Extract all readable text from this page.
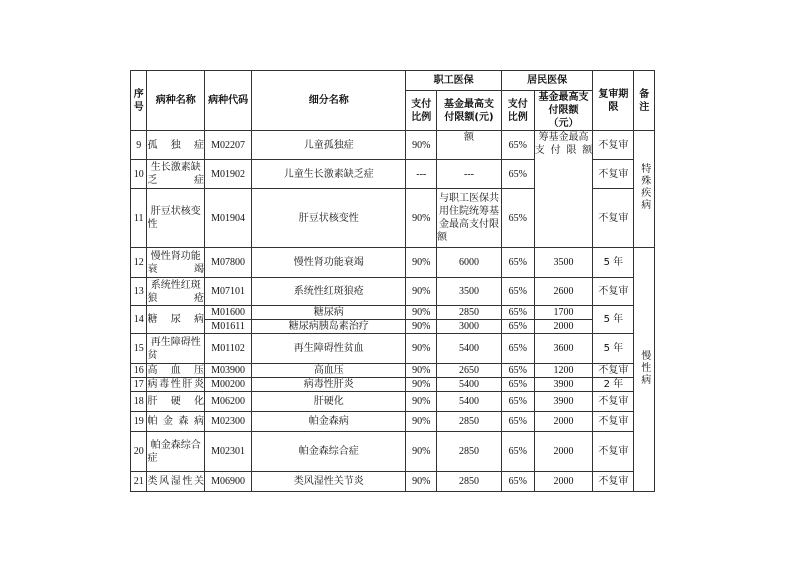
序号	病种名称	病种代码	细分名称	职工医保		居民医保		复审期限	备注

				支付比例	基金最高支付限额(元)	支付比例	基金最高支付限额（元）		

9	孤独症	M02207	儿童孤独症	90%	额	65%	筹基金最高支付限额	不复审	特殊疾病
10	生长激素缺乏症	M01902	儿童生长激素缺乏症	---	---	65%		不复审	
11	肝豆状核变性	M01904	肝豆状核变性	90%	与职工医保共用住院统筹基金最高支付限额	65%		不复审	
12	慢性肾功能衰竭	M07800	慢性肾功能衰竭	90%	6000	65%	3500	5 年	慢性病
13	系统性红斑狼疮	M07101	系统性红斑狼疮	90%	3500	65%	2600	不复审	
14	糖尿病	M01600	糖尿病	90%	2850	65%	1700	5 年	
		M01611	糖尿病胰岛素治疗	90%	3000	65%	2000		
15	再生障碍性贫	M01102	再生障碍性贫血	90%	5400	65%	3600	5 年	
16	高血压	M03900	高血压	90%	2650	65%	1200	不复审	
17	病毒性肝炎	M00200	病毒性肝炎	90%	5400	65%	3900	2 年	
18	肝硬化	M06200	肝硬化	90%	5400	65%	3900	不复审	
19	帕金森病	M02300	帕金森病	90%	2850	65%	2000	不复审	
20	帕金森综合症	M02301	帕金森综合症	90%	2850	65%	2000	不复审	
21	类风湿性关	M06900	类风湿性关节炎	90%	2850	65%	2000	不复审	
